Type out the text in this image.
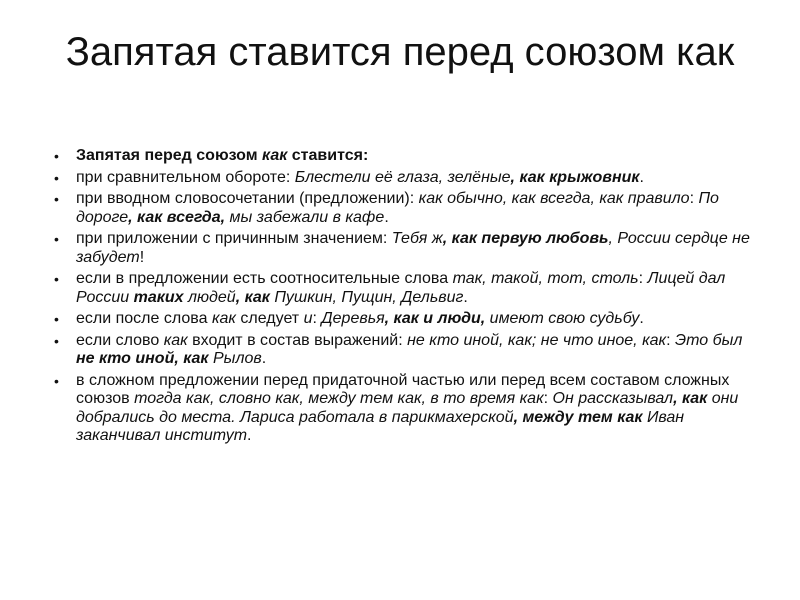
Запятая ставится перед союзом как
• Запятая перед союзом как ставится:
• при сравнительном обороте: Блестели её глаза, зелёные, как крыжовник.
• при вводном словосочетании (предложении): как обычно, как всегда, как правило: По дороге, как всегда, мы забежали в кафе.
• при приложении с причинным значением: Тебя ж, как первую любовь, России сердце не забудет!
• если в предложении есть соотносительные слова так, такой, тот, столь: Лицей дал России таких людей, как Пушкин, Пущин, Дельвиг.
• если после слова как следует и: Деревья, как и люди, имеют свою судьбу.
• если слово как входит в состав выражений: не кто иной, как; не что иное, как: Это был не кто иной, как Рылов.
• в сложном предложении перед придаточной частью или перед всем составом сложных союзов тогда как, словно как, между тем как, в то время как: Он рассказывал, как они добрались до места. Лариса работала в парикмахерской, между тем как Иван заканчивал институт.
